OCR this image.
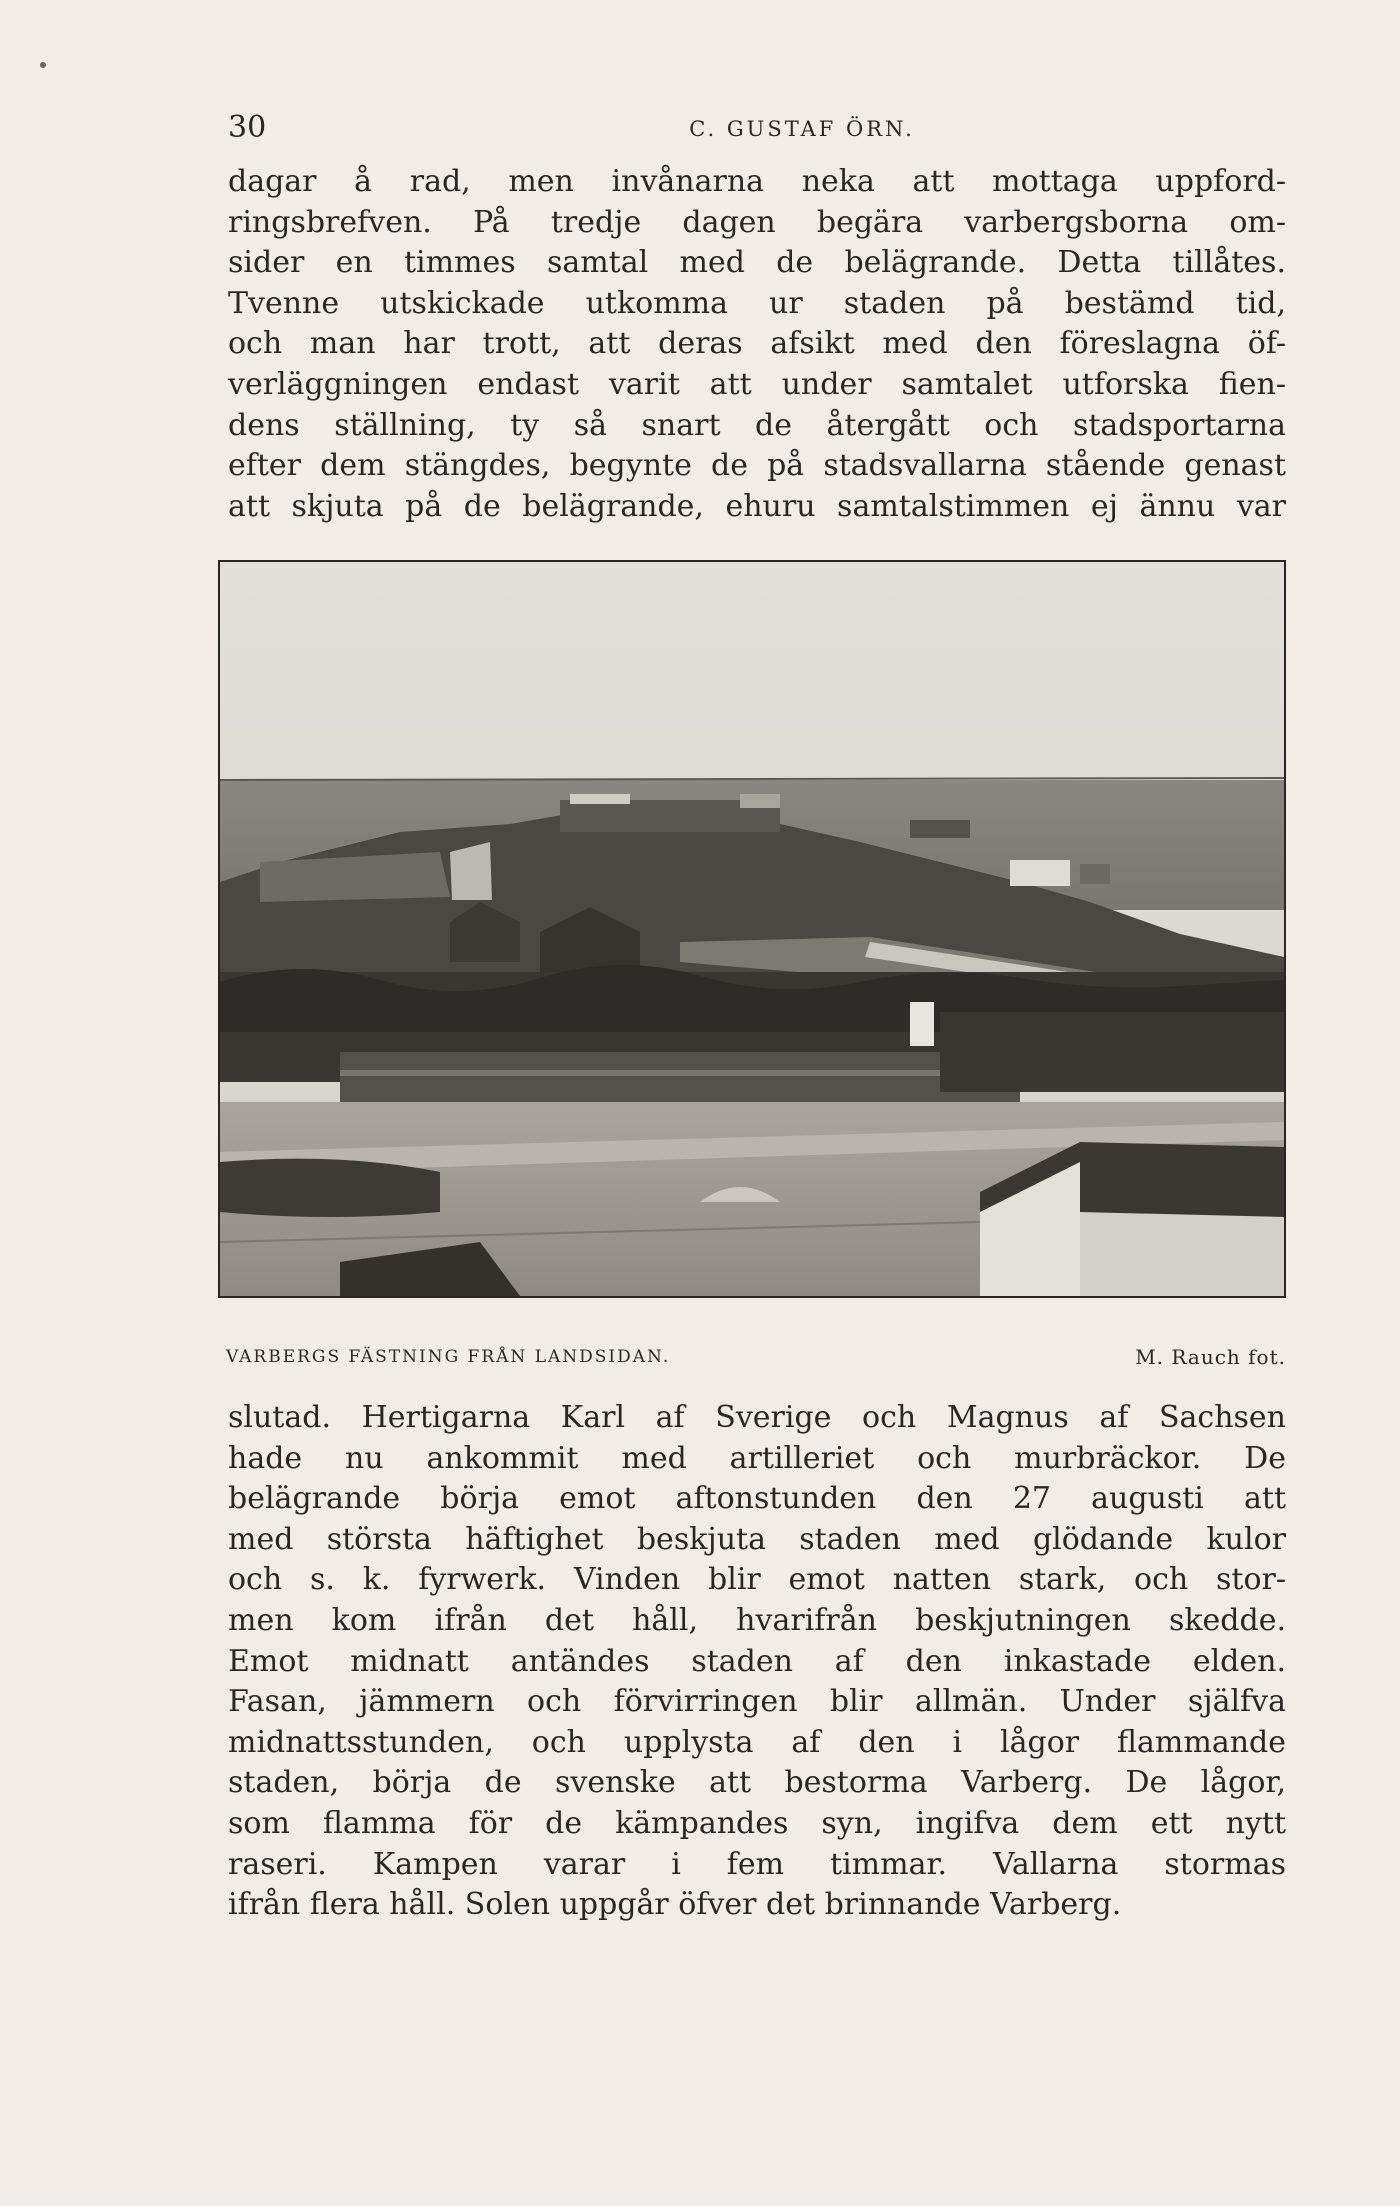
30	C. GUSTAF ÖRN.
dagar å rad, men invånarna neka att mottaga uppford-
ringsbrefven. På tredje dagen begära varbergsborna om-
sider en timmes samtal med de belägrande. Detta tillåtes.
Tvenne utskickade utkomma ur staden på bestämd tid,
och man har trott, att deras afsikt med den föreslagna öf-
verläggningen endast varit att under samtalet utforska fien-
dens ställning, ty så snart de återgått och stadsportarna
efter dem stängdes, begynte de på stadsvallarna stående genast
att skjuta på de belägrande, ehuru samtalstimmen ej ännu var
VARBERGS FÄSTNING FRÅN LANDSIDAN.	M. Rauch fot.
slutad. Hertigarna Karl af Sverige och Magnus af Sachsen
hade nu ankommit med artilleriet och murbräckor. De
belägrande börja emot aftonstunden den 27 augusti att
med största häftighet beskjuta staden med glödande kulor
och s. k. fyrwerk. Vinden blir emot natten stark, och stor-
men kom ifrån det håll, hvarifrån beskjutningen skedde.
Emot midnatt antändes staden af den inkastade elden.
Fasan, jämmern och förvirringen blir allmän. Under själfva
midnattsstunden, och upplysta af den i lågor flammande
staden, börja de svenske att bestorma Varberg. De lågor,
som flamma för de kämpandes syn, ingifva dem ett nytt
raseri. Kampen varar i fem timmar. Vallarna stormas
ifrån flera håll. Solen uppgår öfver det brinnande Varberg.
